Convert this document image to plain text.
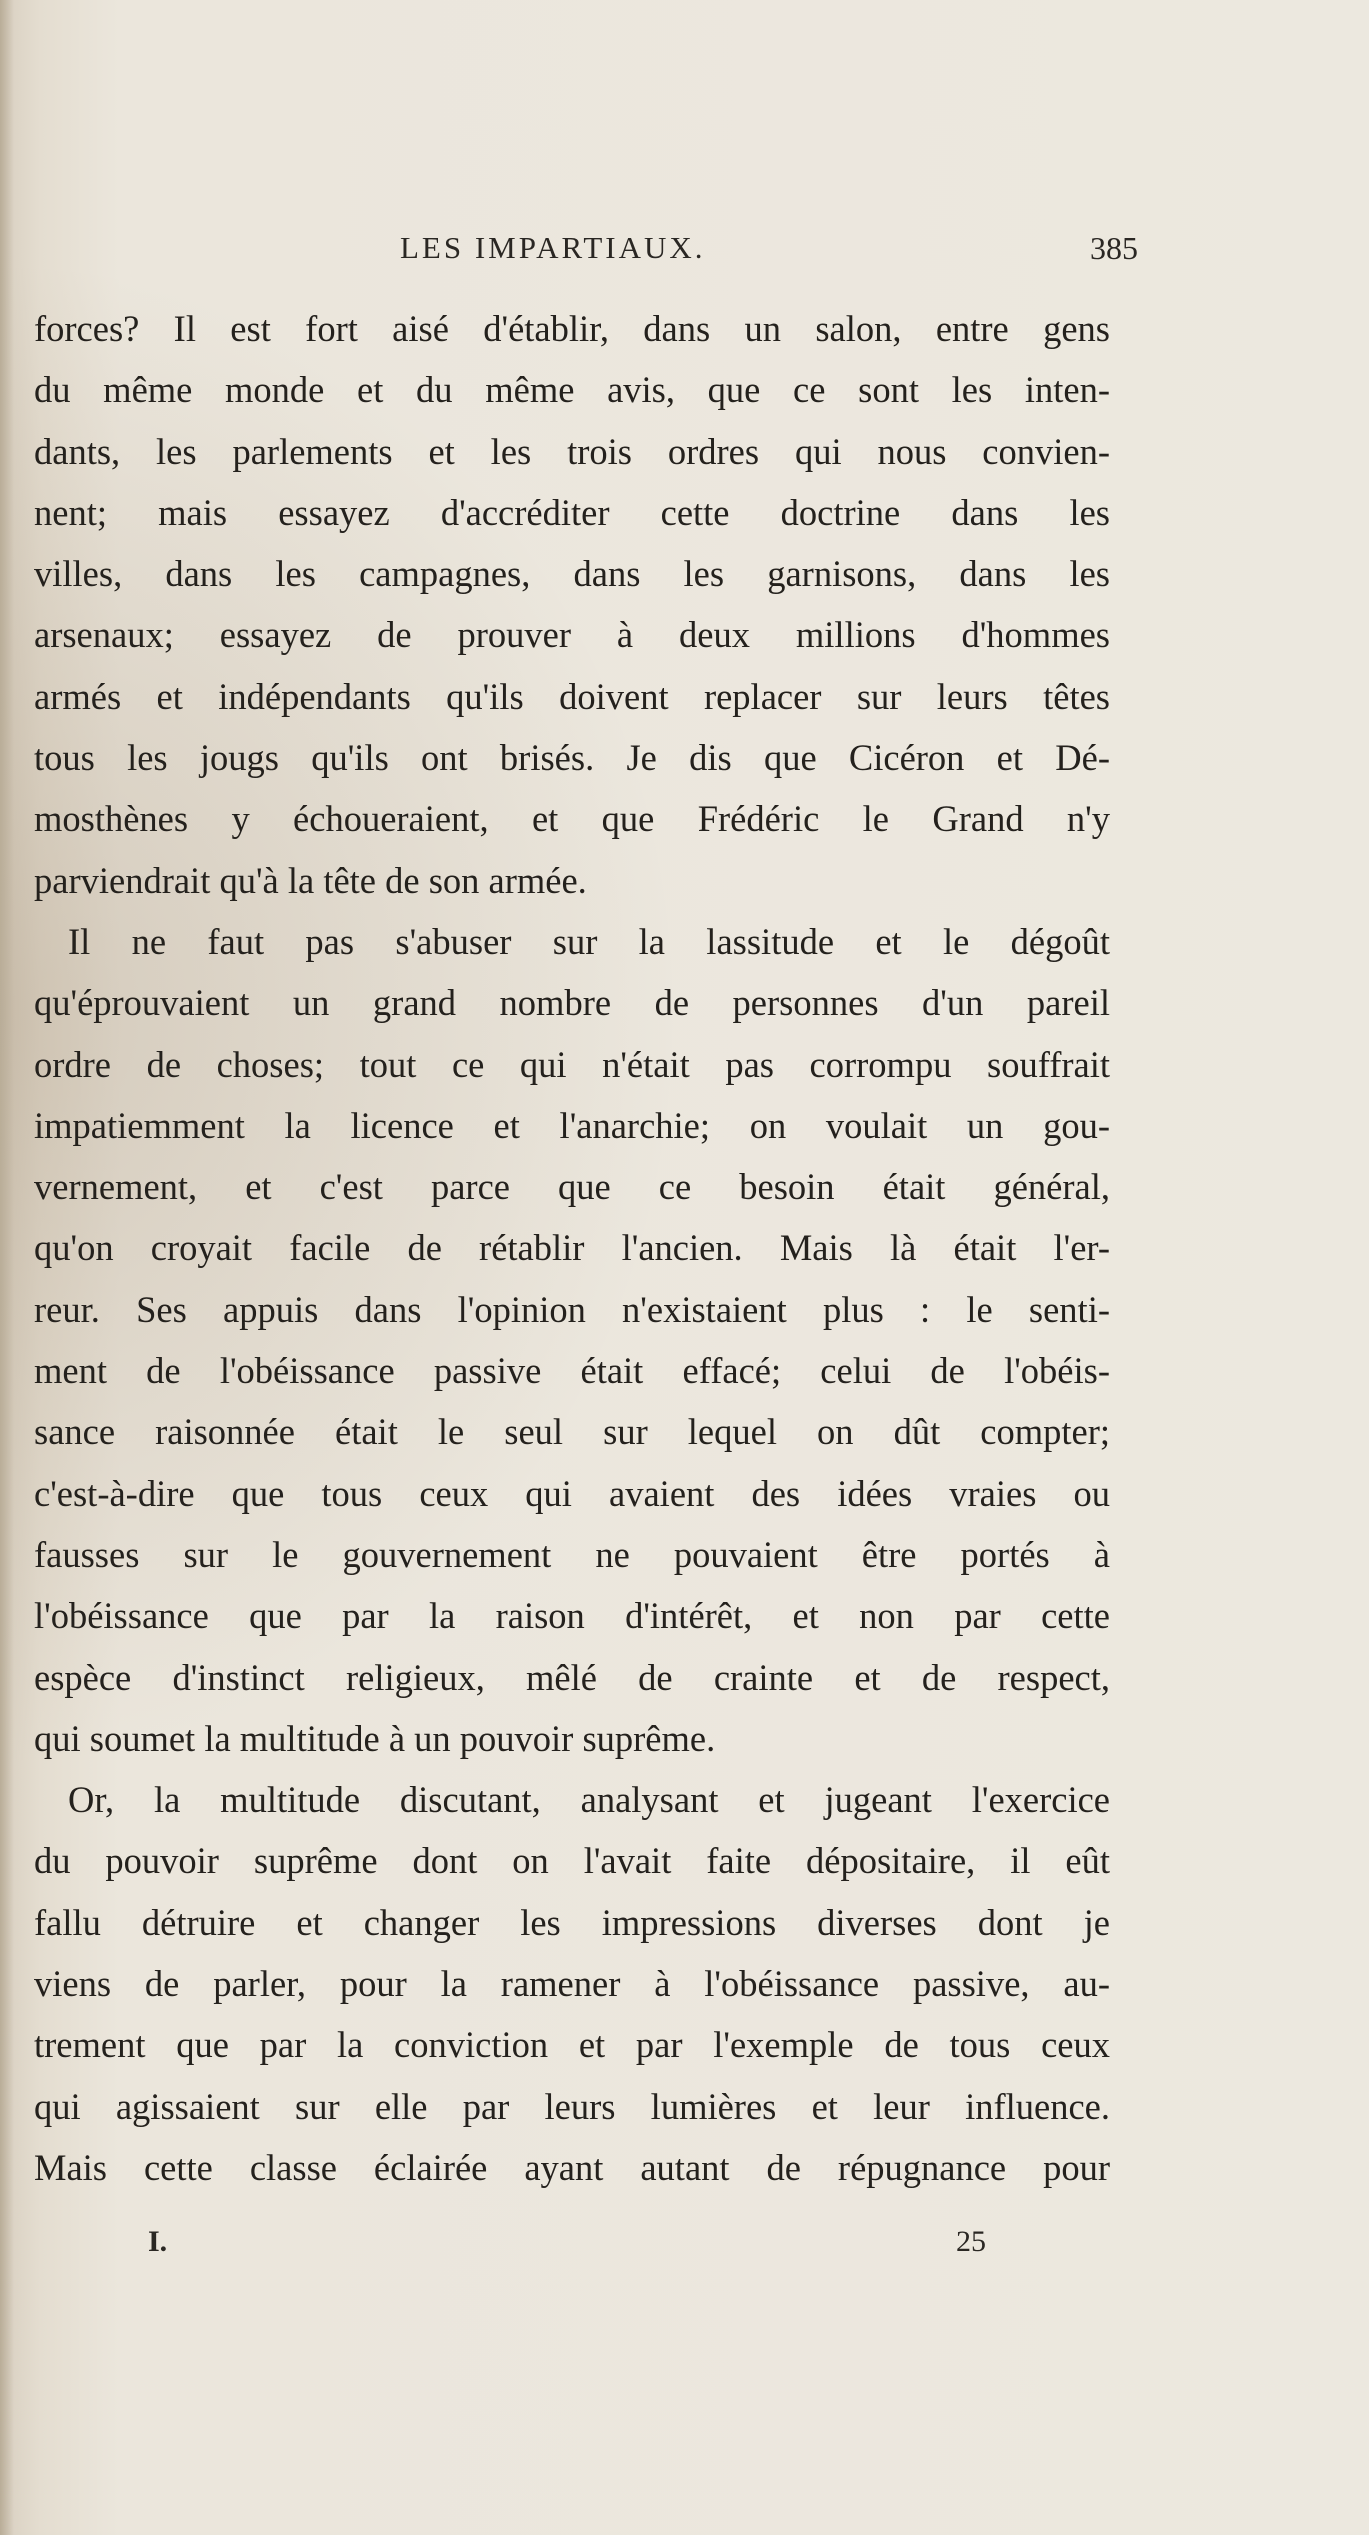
LES IMPARTIAUX.	385
forces? Il est fort aisé d'établir, dans un salon, entre gens
du même monde et du même avis, que ce sont les inten-
dants, les parlements et les trois ordres qui nous convien-
nent; mais essayez d'accréditer cette doctrine dans les
villes, dans les campagnes, dans les garnisons, dans les
arsenaux; essayez de prouver à deux millions d'hommes
armés et indépendants qu'ils doivent replacer sur leurs têtes
tous les jougs qu'ils ont brisés. Je dis que Cicéron et Dé-
mosthènes y échoueraient, et que Frédéric le Grand n'y
parviendrait qu'à la tête de son armée.
Il ne faut pas s'abuser sur la lassitude et le dégoût
qu'éprouvaient un grand nombre de personnes d'un pareil
ordre de choses; tout ce qui n'était pas corrompu souffrait
impatiemment la licence et l'anarchie; on voulait un gou-
vernement, et c'est parce que ce besoin était général,
qu'on croyait facile de rétablir l'ancien. Mais là était l'er-
reur. Ses appuis dans l'opinion n'existaient plus : le senti-
ment de l'obéissance passive était effacé; celui de l'obéis-
sance raisonnée était le seul sur lequel on dût compter;
c'est-à-dire que tous ceux qui avaient des idées vraies ou
fausses sur le gouvernement ne pouvaient être portés à
l'obéissance que par la raison d'intérêt, et non par cette
espèce d'instinct religieux, mêlé de crainte et de respect,
qui soumet la multitude à un pouvoir suprême.
Or, la multitude discutant, analysant et jugeant l'exercice
du pouvoir suprême dont on l'avait faite dépositaire, il eût
fallu détruire et changer les impressions diverses dont je
viens de parler, pour la ramener à l'obéissance passive, au-
trement que par la conviction et par l'exemple de tous ceux
qui agissaient sur elle par leurs lumières et leur influence.
Mais cette classe éclairée ayant autant de répugnance pour
I.	25
